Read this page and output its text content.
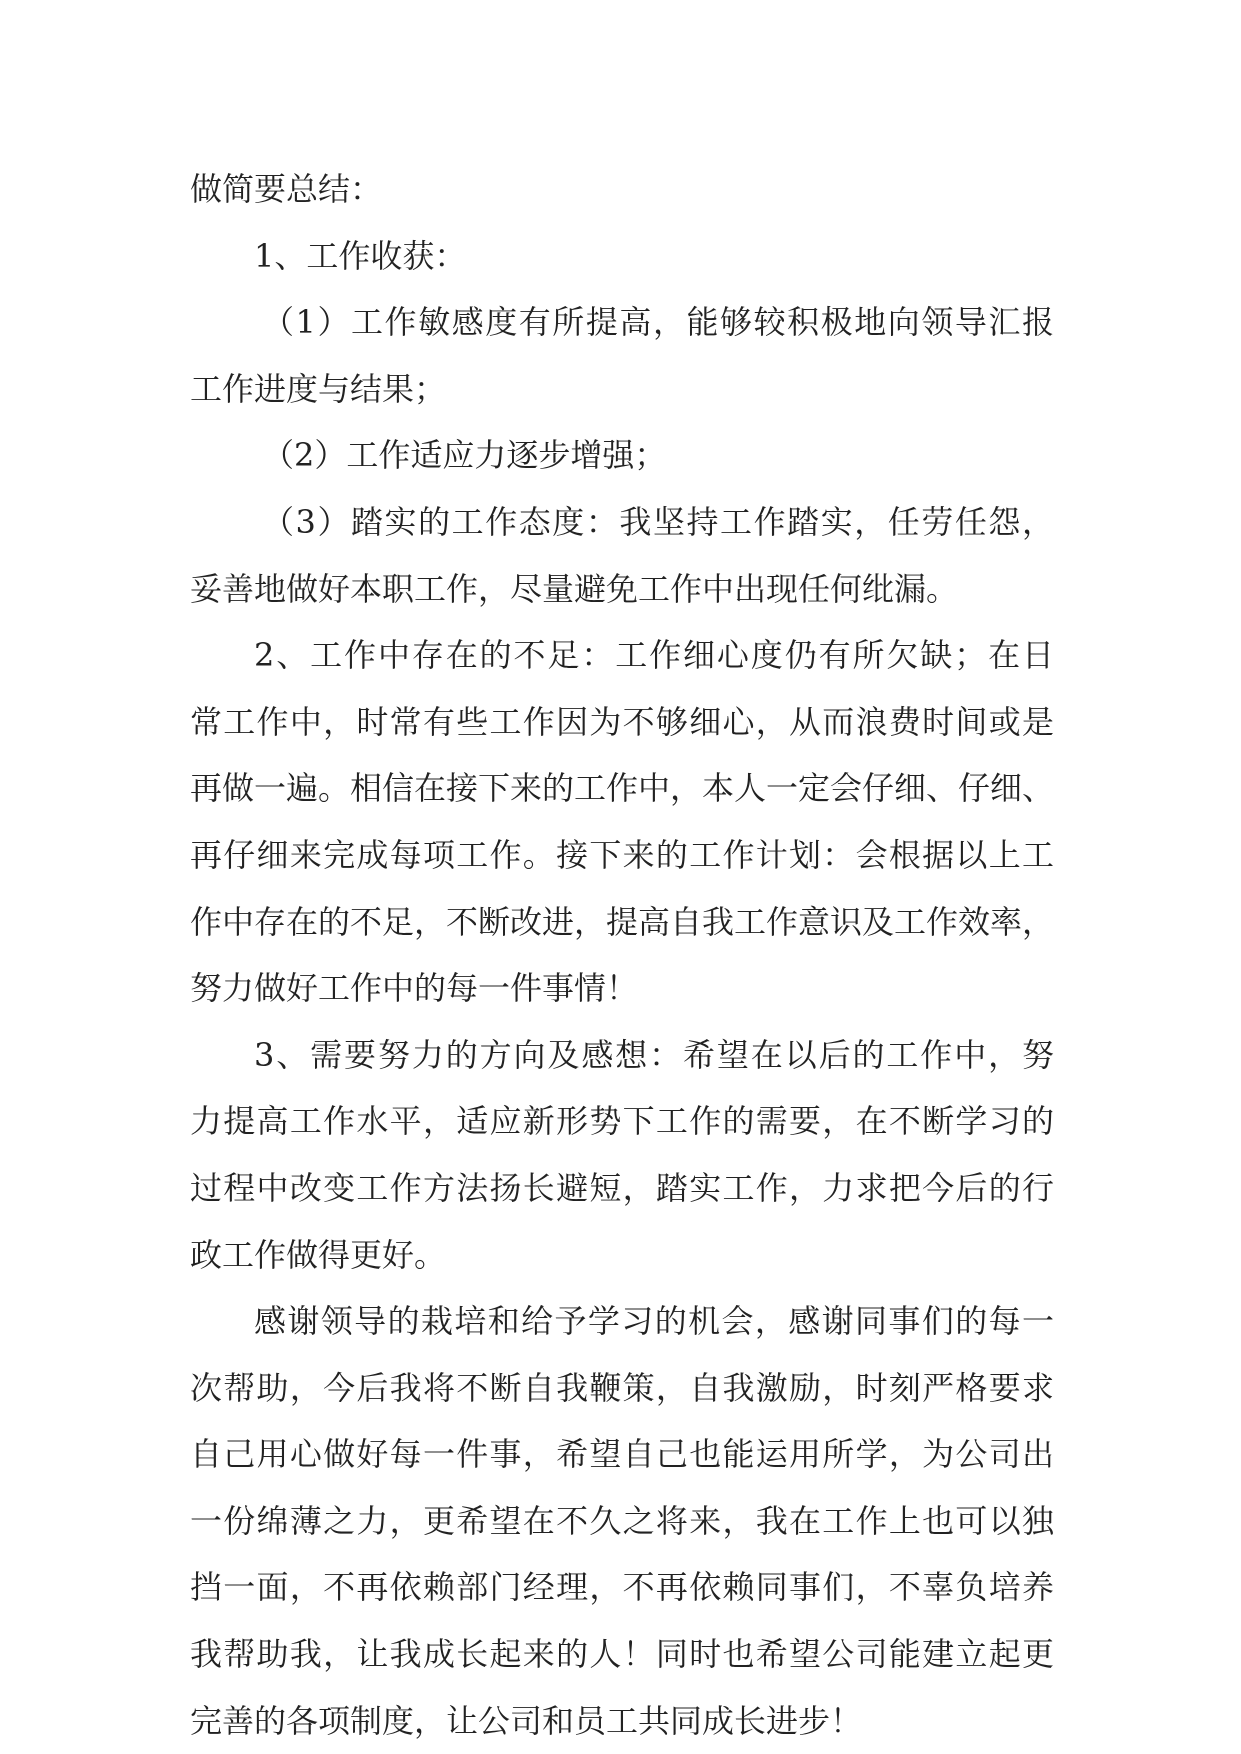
做简要总结：
1、工作收获：
（1）工作敏感度有所提高，能够较积极地向领导汇报
工作进度与结果；
（2）工作适应力逐步增强；
（3）踏实的工作态度：我坚持工作踏实，任劳任怨，
妥善地做好本职工作，尽量避免工作中出现任何纰漏。
2、工作中存在的不足：工作细心度仍有所欠缺；在日
常工作中，时常有些工作因为不够细心，从而浪费时间或是
再做一遍。相信在接下来的工作中，本人一定会仔细、仔细、
再仔细来完成每项工作。接下来的工作计划：会根据以上工
作中存在的不足，不断改进，提高自我工作意识及工作效率，
努力做好工作中的每一件事情！
3、需要努力的方向及感想：希望在以后的工作中，努
力提高工作水平，适应新形势下工作的需要，在不断学习的
过程中改变工作方法扬长避短，踏实工作，力求把今后的行
政工作做得更好。
感谢领导的栽培和给予学习的机会，感谢同事们的每一
次帮助，今后我将不断自我鞭策，自我激励，时刻严格要求
自己用心做好每一件事，希望自己也能运用所学，为公司出
一份绵薄之力，更希望在不久之将来，我在工作上也可以独
挡一面，不再依赖部门经理，不再依赖同事们，不辜负培养
我帮助我，让我成长起来的人！同时也希望公司能建立起更
完善的各项制度，让公司和员工共同成长进步！
